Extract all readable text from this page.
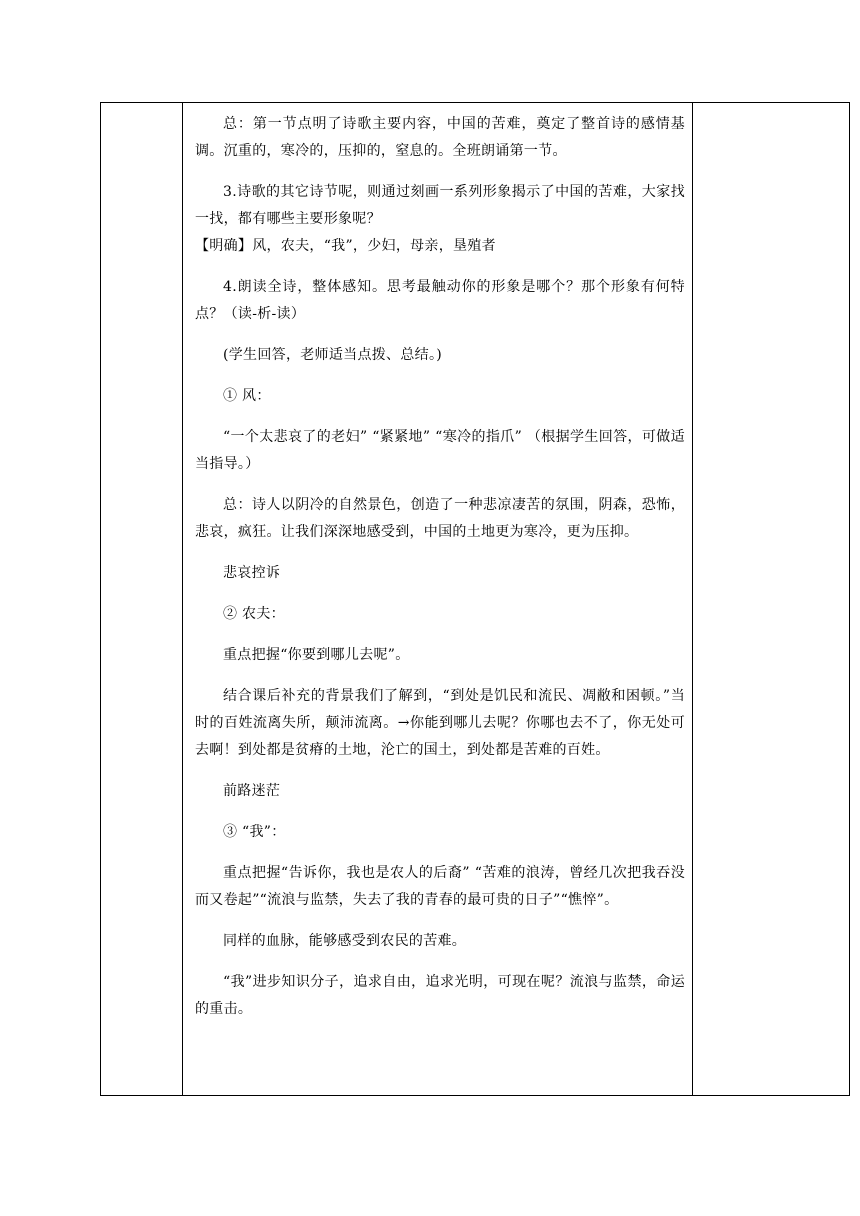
总：第一节点明了诗歌主要内容，中国的苦难，奠定了整首诗的感情基调。沉重的，寒冷的，压抑的，窒息的。全班朗诵第一节。

3.诗歌的其它诗节呢，则通过刻画一系列形象揭示了中国的苦难，大家找一找，都有哪些主要形象呢？

【明确】风，农夫，“我”，少妇，母亲，垦殖者

4.朗读全诗，整体感知。思考最触动你的形象是哪个？那个形象有何特点？（读-析-读）

(学生回答，老师适当点拨、总结。)

① 风：

“一个太悲哀了的老妇” “紧紧地” “寒冷的指爪” （根据学生回答，可做适当指导。）

总：诗人以阴冷的自然景色，创造了一种悲凉凄苦的氛围，阴森，恐怖，悲哀，疯狂。让我们深深地感受到，中国的土地更为寒冷，更为压抑。

悲哀控诉

② 农夫：

重点把握“你要到哪儿去呢”。

结合课后补充的背景我们了解到，“到处是饥民和流民、凋敝和困顿。”当时的百姓流离失所，颠沛流离。→你能到哪儿去呢？你哪也去不了，你无处可去啊！到处都是贫瘠的土地，沦亡的国土，到处都是苦难的百姓。

前路迷茫

③ “我”：

重点把握“告诉你，我也是农人的后裔” “苦难的浪涛，曾经几次把我吞没而又卷起”“流浪与监禁，失去了我的青春的最可贵的日子”“憔悴”。

同样的血脉，能够感受到农民的苦难。

“我”进步知识分子，追求自由，追求光明，可现在呢？流浪与监禁，命运的重击。
